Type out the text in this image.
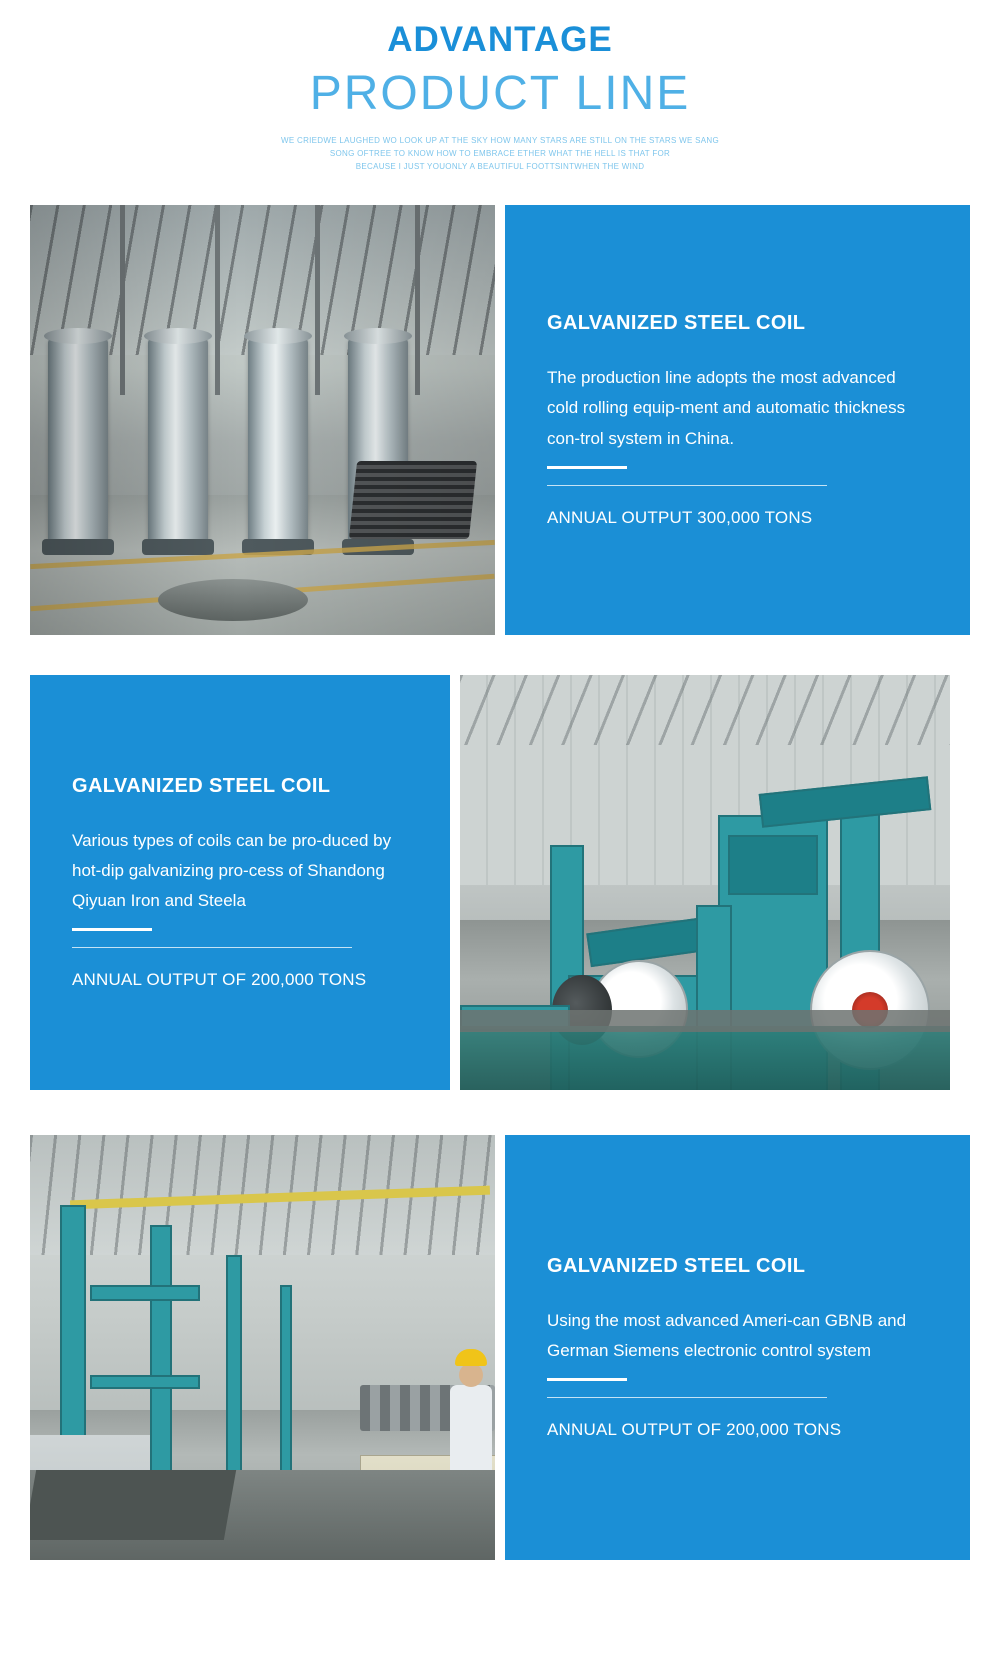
ADVANTAGE
PRODUCT LINE
WE CRIEDWE LAUGHED WO LOOK UP AT THE SKY HOW MANY STARS ARE STILL ON THE STARS WE SANG
SONG OFTREE TO KNOW HOW TO EMBRACE ETHER WHAT THE HELL IS THAT FOR
BECAUSE I JUST YOUONLY A BEAUTIFUL FOOTTSINTWHEN THE WIND
GALVANIZED STEEL COIL
The production line adopts the most advanced cold rolling equip-ment and automatic thickness con-trol system in China.
ANNUAL OUTPUT 300,000 TONS
GALVANIZED STEEL COIL
Various types of coils can be pro-duced by hot-dip galvanizing pro-cess of Shandong Qiyuan Iron and Steela
ANNUAL OUTPUT OF 200,000 TONS
GALVANIZED STEEL COIL
Using the most advanced Ameri-can GBNB and German Siemens electronic control system
ANNUAL OUTPUT OF 200,000 TONS
